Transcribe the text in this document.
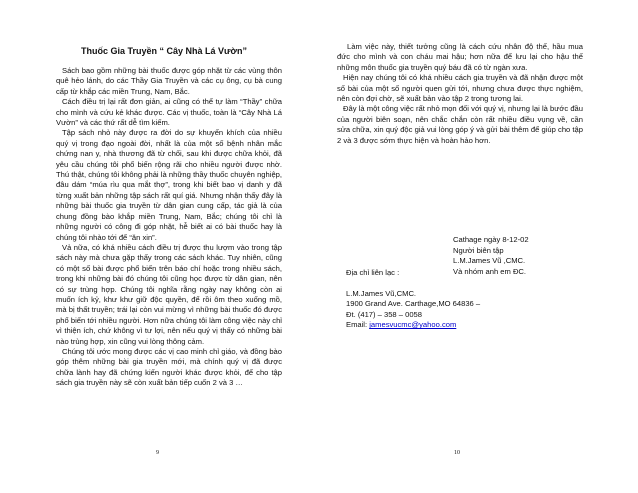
Thuốc Gia Truyền “ Cây Nhà Lá Vườn”

Sách bao gồm những bài thuốc được góp nhặt từ các vùng thôn quê hẻo lánh, do các Thầy Gia Truyền và các cụ ông, cụ bà cung cấp từ khắp các miền Trung, Nam, Bắc.

Cách điều trị lại rất đơn giản, ai cũng có thể tự làm “Thầy” chữa cho mình và cứu kẻ khác được. Các vị thuốc, toàn là “Cây Nhà Lá Vườn” và các thứ rất dễ tìm kiếm.

Tập sách nhỏ này được ra đời do sự khuyến khích của nhiều quý vị trong đạo ngoài đời, nhất là của một số bệnh nhân mắc chứng nan y, nhà thương đã từ chối, sau khi được chữa khỏi, đã yêu cầu chúng tôi phổ biến rộng rãi cho nhiều người được nhờ. Thú thật, chúng tôi không phải là những thầy thuốc chuyên nghiệp, đâu dám “múa rìu qua mắt thợ”, trong khi biết bao vị danh y đã từng xuất bản những tập sách rất quí giá. Nhưng nhận thấy đây là những bài thuốc gia truyền từ dân gian cung cấp, tác giả là của chung đồng bào khắp miền Trung, Nam, Bắc; chúng tôi chỉ là những người có công đi góp nhặt, hễ biết ai có bài thuốc hay là chúng tôi nhào tới để “ăn xin”.

Vả nữa, có khá nhiều cách điều trị được thu lượm vào trong tập sách này mà chưa gặp thấy trong các sách khác. Tuy nhiên, cũng có một số bài được phổ biến trên báo chí hoặc trong nhiều sách, trong khi những bài đó chúng tôi cũng học được từ dân gian, nên có sự trùng hợp. Chúng tôi nghĩa rằng ngày nay không còn ai muốn ích kỷ, khư khư giữ độc quyền, để rồi ôm theo xuống mồ, mà bị thất truyền; trái lại còn vui mừng vì những bài thuốc đó được phổ biến tới nhiều người. Hơn nữa chúng tôi làm công việc này chỉ vì thiện ích, chứ không vì tư lợi, nên nếu quý vị thấy có những bài nào trùng hợp, xin cũng vui lòng thông cảm.

Chúng tôi ước mong được các vị cao minh chỉ giáo, và đồng bào góp thêm những bài gia truyền mới, mà chính quý vị đã được chữa lành hay đã chứng kiến người khác được khỏi, để cho tập sách gia truyền này sẽ còn xuất bản tiếp cuốn 2 và 3 …

9

Làm việc này, thiết tưởng cũng là cách cứu nhân độ thế, hầu mua đức cho mình và con cháu mai hậu; hơn nữa để lưu lại cho hậu thế những môn thuốc gia truyền quý báu đã có từ ngàn xưa.

Hiện nay chúng tôi có khá nhiều cách gia truyền và đã nhận được một số bài của một số người quen gửi tới, nhưng chưa được thực nghiệm, nên còn đợi chờ, sẽ xuất bản vào tập 2 trong tương lai.

Đây là một công việc rất nhỏ mọn đối với quý vị, nhưng lại là bước đầu của người biên soạn, nên chắc chắn còn rất nhiều điều vụng về, cần sửa chữa, xin quý độc giả vui lòng góp ý và gửi bài thêm để giúp cho tập 2 và 3 được sớm thực hiện và hoàn hảo hơn.

Cathage ngày 8-12-02
Người biên tập
L.M.James Vũ ,CMC.
Và nhóm anh em ĐC.
Địa chỉ liên lạc :
L.M.James Vũ,CMC.
1900 Grand Ave. Carthage,MO 64836 –
Đt. (417) – 358 – 0058
Email: jamesvucmc@yahoo.com
10
